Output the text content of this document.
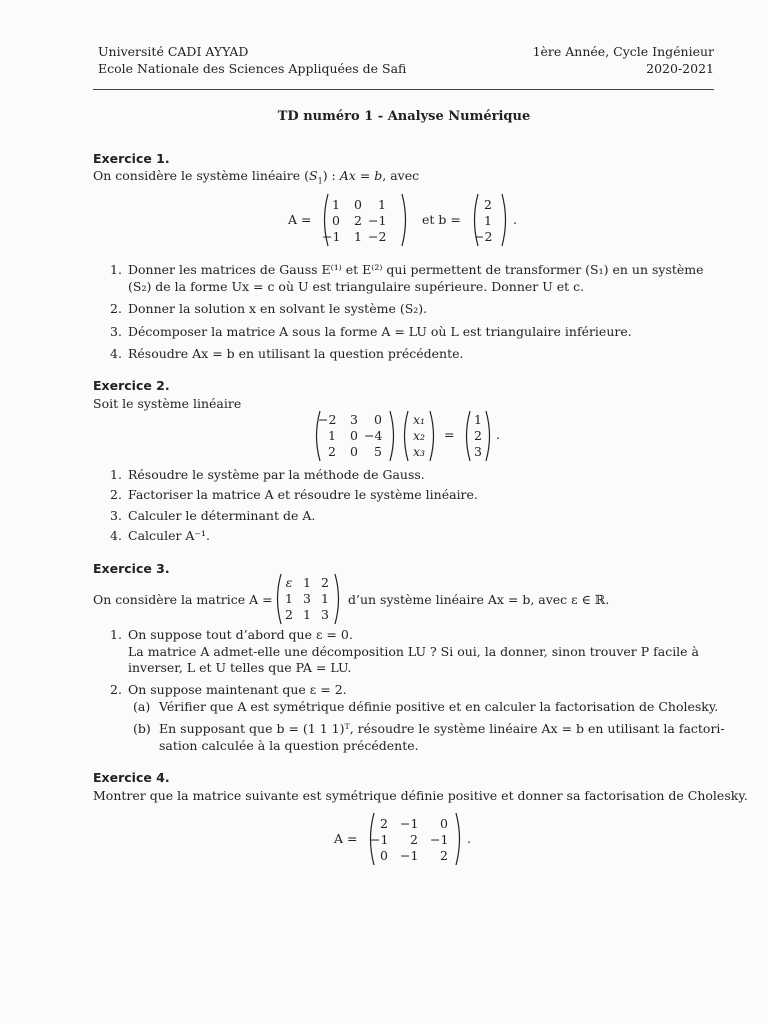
Université CADI AYYAD
Ecole Nationale des Sciences Appliquées de Safi
1ère Année, Cycle Ingénieur
2020-2021
TD numéro 1 - Analyse Numérique
Exercice 1.
On considère le système linéaire $(S_1)$ : Ax = b, avec
A =
1	0	1
0	2 −1
−1	1 −2
et b =
2
1
−2
.
1. Donner les matrices de Gauss E⁽¹⁾ et E⁽²⁾ qui permettent de transformer (S₁) en un système
(S₂) de la forme Ux = c où U est triangulaire supérieure. Donner U et c.
2. Donner la solution x en solvant le système (S₂).
3. Décomposer la matrice A sous la forme A = LU où L est triangulaire inférieure.
4. Résoudre Ax = b en utilisant la question précédente.
Exercice 2.
Soit le système linéaire
−2	3	0
1	0 −4
2	0	5
x₁
x₂
x₃
=
1
2
3
.
1. Résoudre le système par la méthode de Gauss.
2. Factoriser la matrice A et résoudre le système linéaire.
3. Calculer le déterminant de A.
4. Calculer A⁻¹.
Exercice 3.
On considère la matrice A =
ε 1 2
1 3 1
2 1 3
d’un système linéaire Ax = b, avec ε ∈ ℝ.
1. On suppose tout d’abord que ε = 0.
La matrice A admet-elle une décomposition LU ? Si oui, la donner, sinon trouver P facile à
inverser, L et U telles que PA = LU.
2. On suppose maintenant que ε = 2.
(a) Vérifier que A est symétrique définie positive et en calculer la factorisation de Cholesky.
(b) En supposant que b = (1 1 1)ᵀ, résoudre le système linéaire Ax = b en utilisant la factori-
sation calculée à la question précédente.
Exercice 4.
Montrer que la matrice suivante est symétrique définie positive et donner sa factorisation de Cholesky.
A =
2 −1	0
−1	2 −1
0 −1	2
.
